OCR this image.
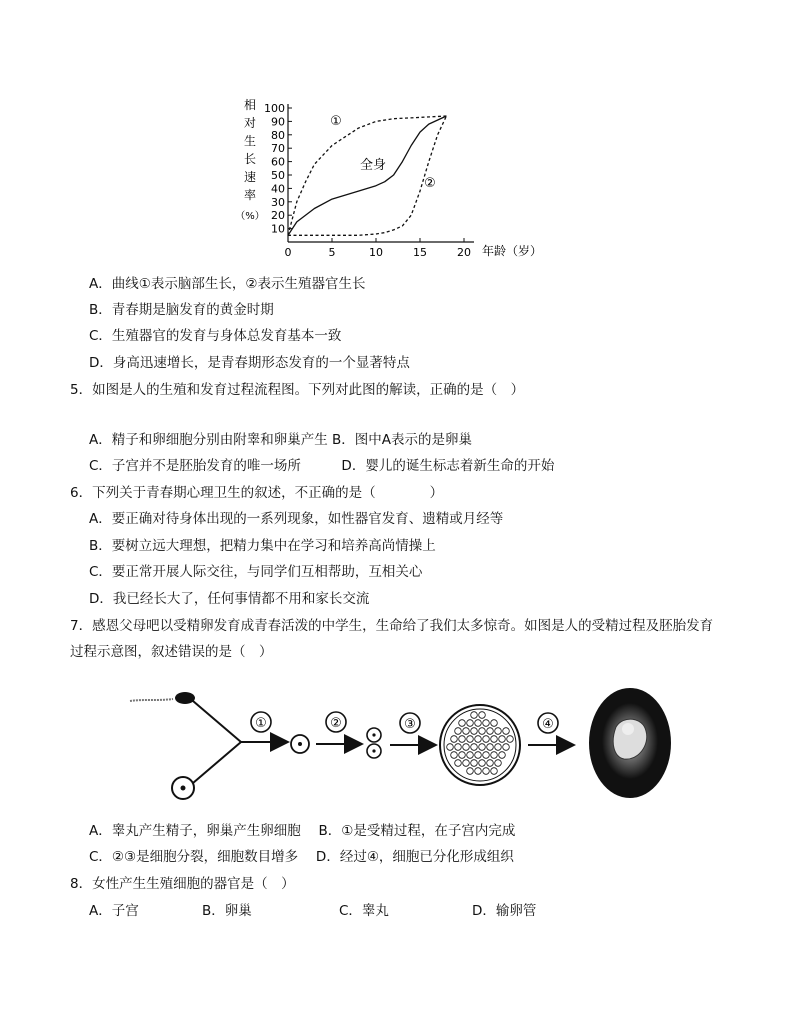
相
对
生
长
速
率
（%）
10
20
30
40
50
60
70
80
90
100
0	5	10	15	20
①
全身
②
年龄（岁）
A．曲线①表示脑部生长，②表示生殖器官生长
B．青春期是脑发育的黄金时期
C．生殖器官的发育与身体总发育基本一致
D．身高迅速增长，是青春期形态发育的一个显著特点
5．如图是人的生殖和发育过程流程图。下列对此图的解读，正确的是（　）
A．精子和卵细胞分别由附睾和卵巢产生 B．图中A表示的是卵巢
C．子宫并不是胚胎发育的唯一场所　　　D．婴儿的诞生标志着新生命的开始
6．下列关于青春期心理卫生的叙述，不正确的是（　　　　）
A．要正确对待身体出现的一系列现象，如性器官发育、遗精或月经等
B．要树立远大理想，把精力集中在学习和培养高尚情操上
C．要正常开展人际交往，与同学们互相帮助，互相关心
D．我已经长大了，任何事情都不用和家长交流
7．感恩父母吧以受精卵发育成青春活泼的中学生，生命给了我们太多惊奇。如图是人的受精过程及胚胎发育
过程示意图，叙述错误的是（　）
①	②	③	④
A．睾丸产生精子，卵巢产生卵细胞　 B．①是受精过程，在子宫内完成
C．②③是细胞分裂，细胞数目增多　 D．经过④，细胞已分化形成组织
8．女性产生生殖细胞的器官是（　）
A．子宫	B．卵巢	C．睾丸	D．输卵管
